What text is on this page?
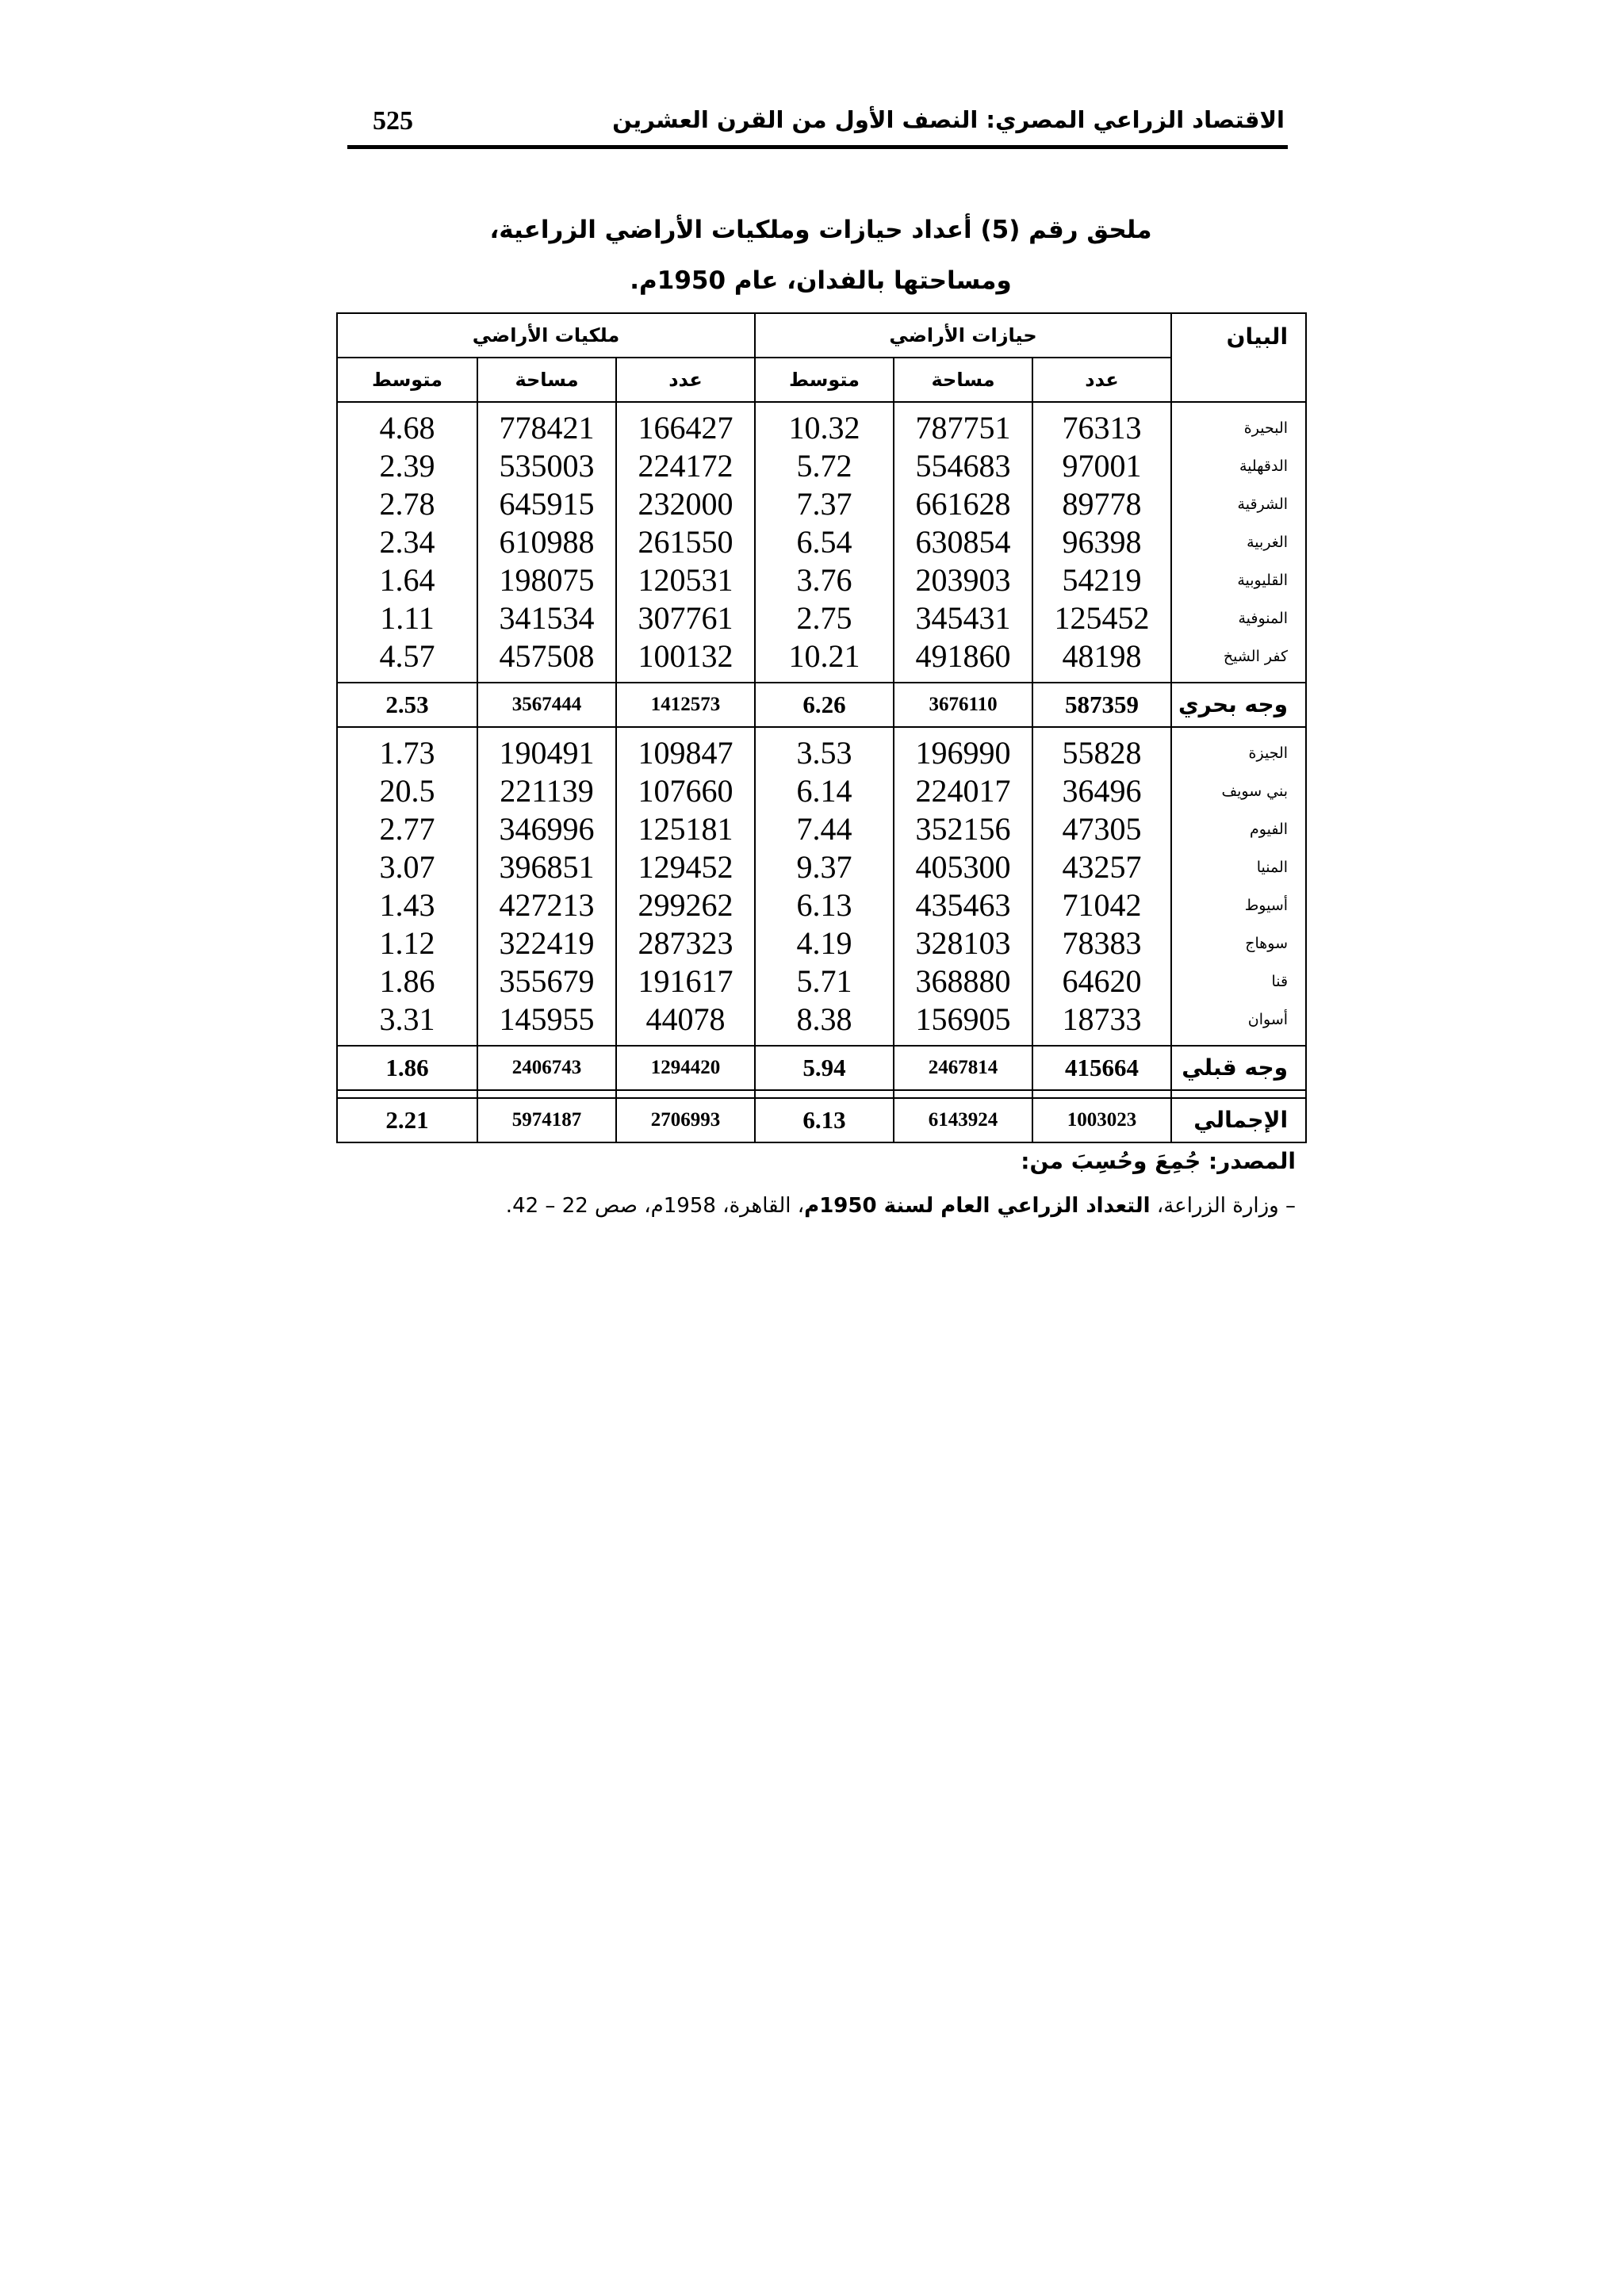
الاقتصاد الزراعي المصري: النصف الأول من القرن العشرين
525
ملحق رقم (5) أعداد حيازات وملكيات الأراضي الزراعية،
ومساحتها بالفدان، عام 1950م.
البيان	حيازات الأراضي			ملكيات الأراضي		
	عدد	مساحة	متوسط	عدد	مساحة	متوسط
البحيرة	76313	787751	10.32	166427	778421	4.68
الدقهلية	97001	554683	5.72	224172	535003	2.39
الشرقية	89778	661628	7.37	232000	645915	2.78
الغربية	96398	630854	6.54	261550	610988	2.34
القليوبية	54219	203903	3.76	120531	198075	1.64
المنوفية	125452	345431	2.75	307761	341534	1.11
كفر الشيخ	48198	491860	10.21	100132	457508	4.57
وجه بحري	587359	3676110	6.26	1412573	3567444	2.53
الجيزة	55828	196990	3.53	109847	190491	1.73
بني سويف	36496	224017	6.14	107660	221139	20.5
الفيوم	47305	352156	7.44	125181	346996	2.77
المنيا	43257	405300	9.37	129452	396851	3.07
أسيوط	71042	435463	6.13	299262	427213	1.43
سوهاج	78383	328103	4.19	287323	322419	1.12
قنا	64620	368880	5.71	191617	355679	1.86
أسوان	18733	156905	8.38	44078	145955	3.31
وجه قبلي	415664	2467814	5.94	1294420	2406743	1.86

الإجمالي	1003023	6143924	6.13	2706993	5974187	2.21
المصدر: جُمِعَ وحُسِبَ من:
– وزارة الزراعة، التعداد الزراعي العام لسنة 1950م، القاهرة، 1958م، صص 22 – 42.
